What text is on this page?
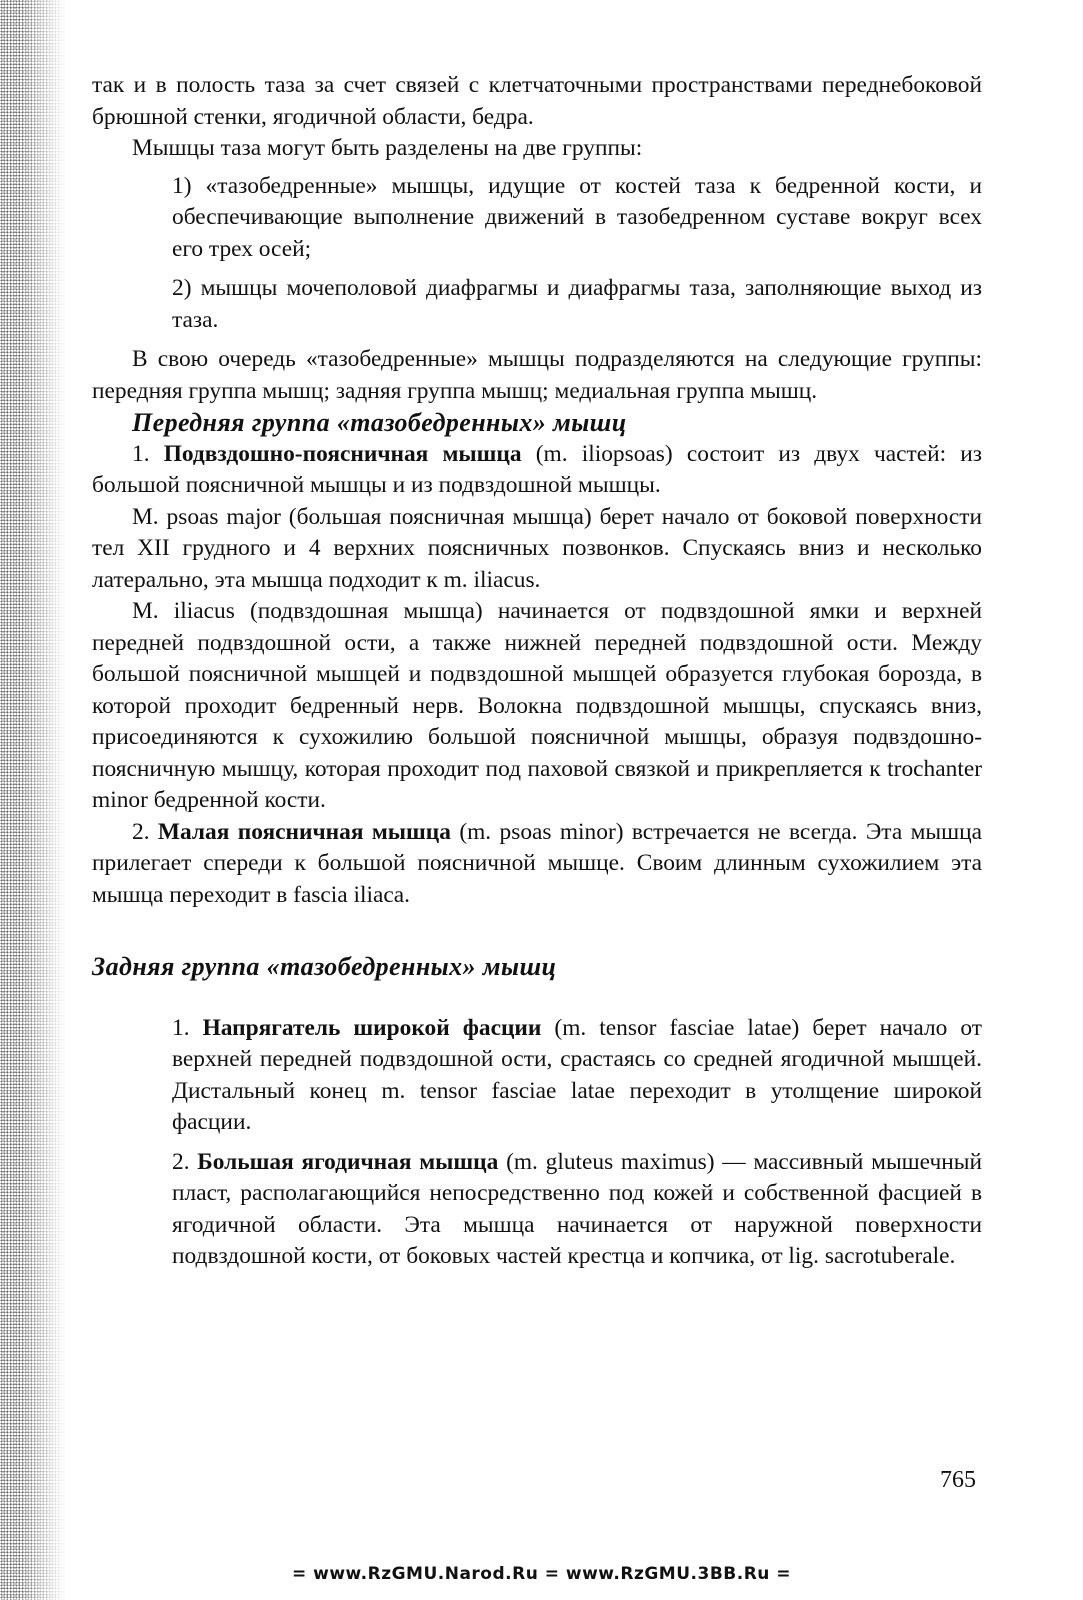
так и в полость таза за счет связей с клетчаточными пространствами переднебоковой брюшной стенки, ягодичной области, бедра.

Мышцы таза могут быть разделены на две группы:

1) «тазобедренные» мышцы, идущие от костей таза к бедренной кости, и обеспечивающие выполнение движений в тазобедренном суставе вокруг всех его трех осей;

2) мышцы мочеполовой диафрагмы и диафрагмы таза, заполняющие выход из таза.

В свою очередь «тазобедренные» мышцы подразделяются на следующие группы: передняя группа мышц; задняя группа мышц; медиальная группа мышц.

Передняя группа «тазобедренных» мышц

1. Подвздошно-поясничная мышца (m. iliopsoas) состоит из двух частей: из большой поясничной мышцы и из подвздошной мышцы.

M. psoas major (большая поясничная мышца) берет начало от боковой поверхности тел XII грудного и 4 верхних поясничных позвонков. Спускаясь вниз и несколько латерально, эта мышца подходит к m. iliacus.

M. iliacus (подвздошная мышца) начинается от подвздошной ямки и верхней передней подвздошной ости, а также нижней передней подвздошной ости. Между большой поясничной мышцей и подвздошной мышцей образуется глубокая борозда, в которой проходит бедренный нерв. Волокна подвздошной мышцы, спускаясь вниз, присоединяются к сухожилию большой поясничной мышцы, образуя подвздошно-поясничную мышцу, которая проходит под паховой связкой и прикрепляется к trochanter minor бедренной кости.

2. Малая поясничная мышца (m. psoas minor) встречается не всегда. Эта мышца прилегает спереди к большой поясничной мышце. Своим длинным сухожилием эта мышца переходит в fascia iliaca.

Задняя группа «тазобедренных» мышц

1. Напрягатель широкой фасции (m. tensor fasciae latae) берет начало от верхней передней подвздошной ости, срастаясь со средней ягодичной мышцей. Дистальный конец m. tensor fasciae latae переходит в утолщение широкой фасции.

2. Большая ягодичная мышца (m. gluteus maximus) — массивный мышечный пласт, располагающийся непосредственно под кожей и собственной фасцией в ягодичной области. Эта мышца начинается от наружной поверхности подвздошной кости, от боковых частей крестца и копчика, от lig. sacrotuberale.

765
= www.RzGMU.Narod.Ru = www.RzGMU.3BB.Ru =
